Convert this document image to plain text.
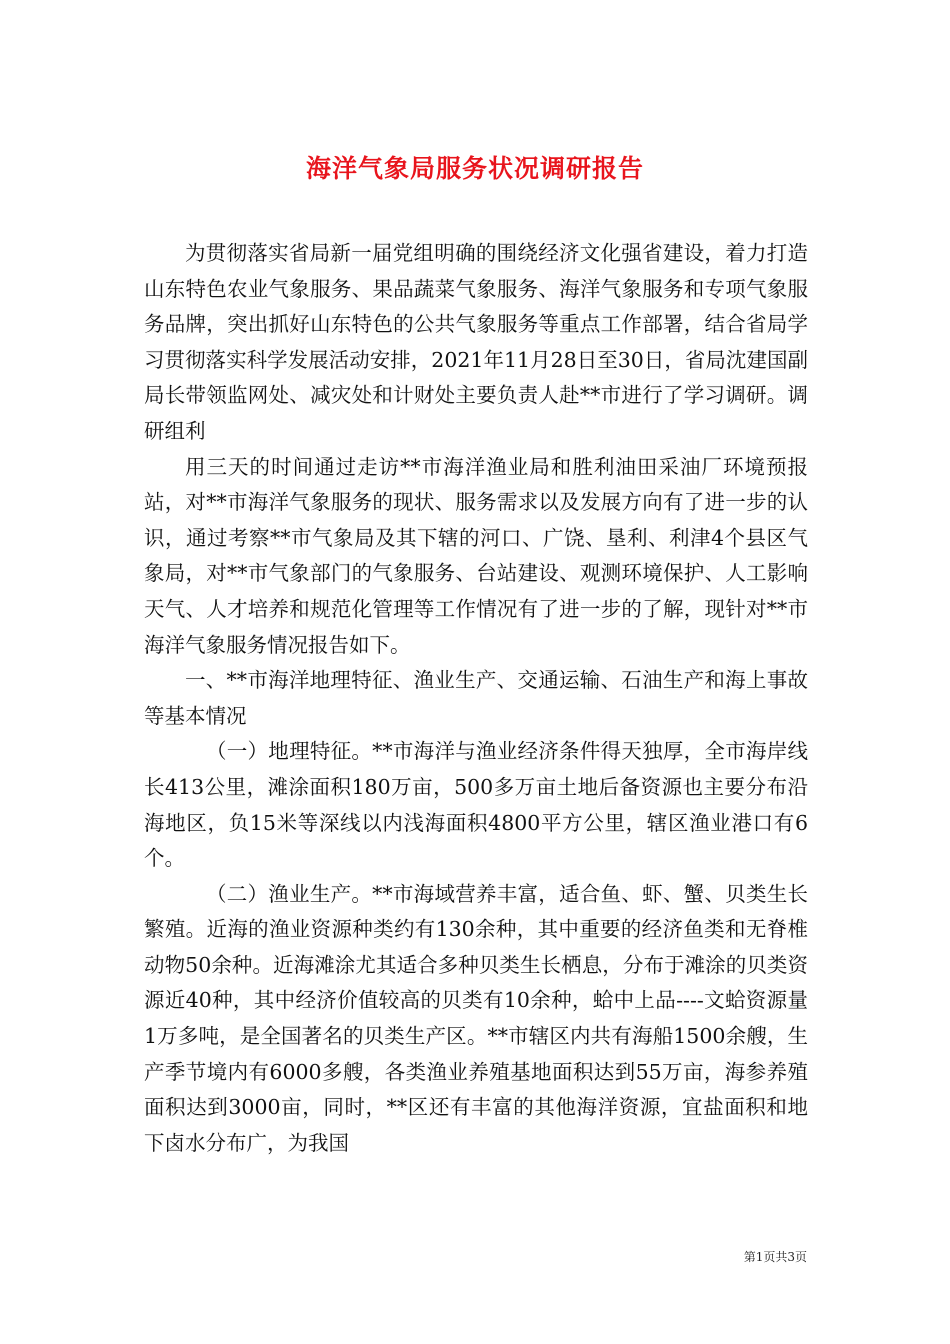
海洋气象局服务状况调研报告

为贯彻落实省局新一届党组明确的围绕经济文化强省建设，着力打造山东特色农业气象服务、果品蔬菜气象服务、海洋气象服务和专项气象服务品牌，突出抓好山东特色的公共气象服务等重点工作部署，结合省局学习贯彻落实科学发展活动安排，2021年11月28日至30日，省局沈建国副局长带领监网处、减灾处和计财处主要负责人赴**市进行了学习调研。调研组利

用三天的时间通过走访**市海洋渔业局和胜利油田采油厂环境预报站，对**市海洋气象服务的现状、服务需求以及发展方向有了进一步的认识，通过考察**市气象局及其下辖的河口、广饶、垦利、利津4个县区气象局，对**市气象部门的气象服务、台站建设、观测环境保护、人工影响天气、人才培养和规范化管理等工作情况有了进一步的了解，现针对**市海洋气象服务情况报告如下。

一、**市海洋地理特征、渔业生产、交通运输、石油生产和海上事故等基本情况

（一）地理特征。**市海洋与渔业经济条件得天独厚，全市海岸线长413公里，滩涂面积180万亩，500多万亩土地后备资源也主要分布沿海地区，负15米等深线以内浅海面积4800平方公里，辖区渔业港口有6个。

（二）渔业生产。**市海域营养丰富，适合鱼、虾、蟹、贝类生长繁殖。近海的渔业资源种类约有130余种，其中重要的经济鱼类和无脊椎动物50余种。近海滩涂尤其适合多种贝类生长栖息，分布于滩涂的贝类资源近40种，其中经济价值较高的贝类有10余种，蛤中上品----文蛤资源量1万多吨，是全国著名的贝类生产区。**市辖区内共有海船1500余艘，生产季节境内有6000多艘，各类渔业养殖基地面积达到55万亩，海参养殖面积达到3000亩，同时，**区还有丰富的其他海洋资源，宜盐面积和地下卤水分布广，为我国

第1页共3页
